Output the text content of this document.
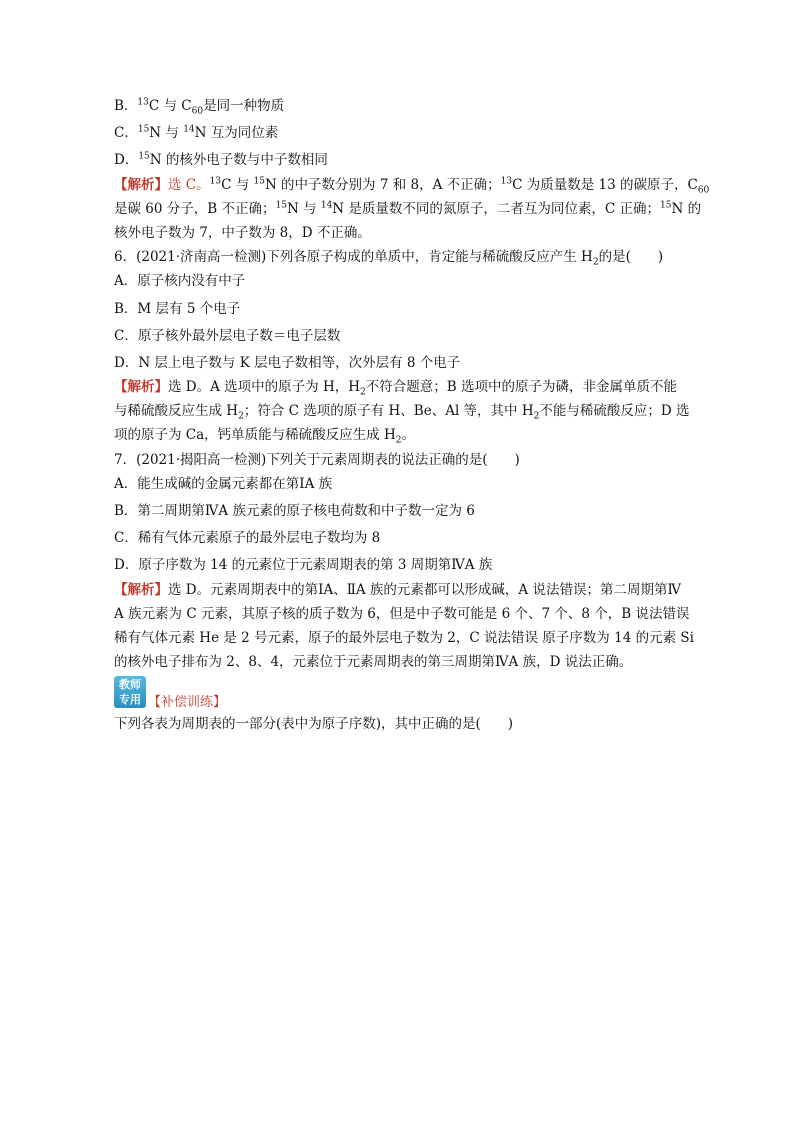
B．$^{13}$C 与 $C_{60}$是同一种物质
C．$^{15}$N 与 $^{14}$N 互为同位素
D．$^{15}$N 的核外电子数与中子数相同
【解析】选 C。$^{13}$C 与 $^{15}$N 的中子数分别为 7 和 8，A 不正确；$^{13}$C 为质量数是 13 的碳原子，$C_{60}$
是碳 60 分子，B 不正确；$^{15}$N 与 $^{14}$N 是质量数不同的氮原子，二者互为同位素，C 正确；$^{15}$N 的
核外电子数为 7，中子数为 8，D 不正确。
6．(2021·济南高一检测)下列各原子构成的单质中，肯定能与稀硫酸反应产生 $H_2$的是(　　)
A．原子核内没有中子
B．M 层有 5 个电子
C．原子核外最外层电子数＝电子层数
D．N 层上电子数与 K 层电子数相等，次外层有 8 个电子
【解析】选 D。A 选项中的原子为 H，$H_2$不符合题意；B 选项中的原子为磷，非金属单质不能
与稀硫酸反应生成 $H_2$；符合 C 选项的原子有 H、Be、Al 等，其中 $H_2$不能与稀硫酸反应；D 选
项的原子为 Ca，钙单质能与稀硫酸反应生成 $H_2$。
7．(2021·揭阳高一检测)下列关于元素周期表的说法正确的是(　　)
A．能生成碱的金属元素都在第ⅠA 族
B．第二周期第ⅣA 族元素的原子核电荷数和中子数一定为 6
C．稀有气体元素原子的最外层电子数均为 8
D．原子序数为 14 的元素位于元素周期表的第 3 周期第ⅣA 族
【解析】选 D。元素周期表中的第ⅠA、ⅡA 族的元素都可以形成碱，A 说法错误；第二周期第Ⅳ
A 族元素为 C 元素，其原子核的质子数为 6，但是中子数可能是 6 个、7 个、8 个，B 说法错误
稀有气体元素 He 是 2 号元素，原子的最外层电子数为 2，C 说法错误 原子序数为 14 的元素 Si
的核外电子排布为 2、8、4，元素位于元素周期表的第三周期第ⅣA 族，D 说法正确。
教师
专用 【补偿训练】
下列各表为周期表的一部分(表中为原子序数)，其中正确的是(　　)
